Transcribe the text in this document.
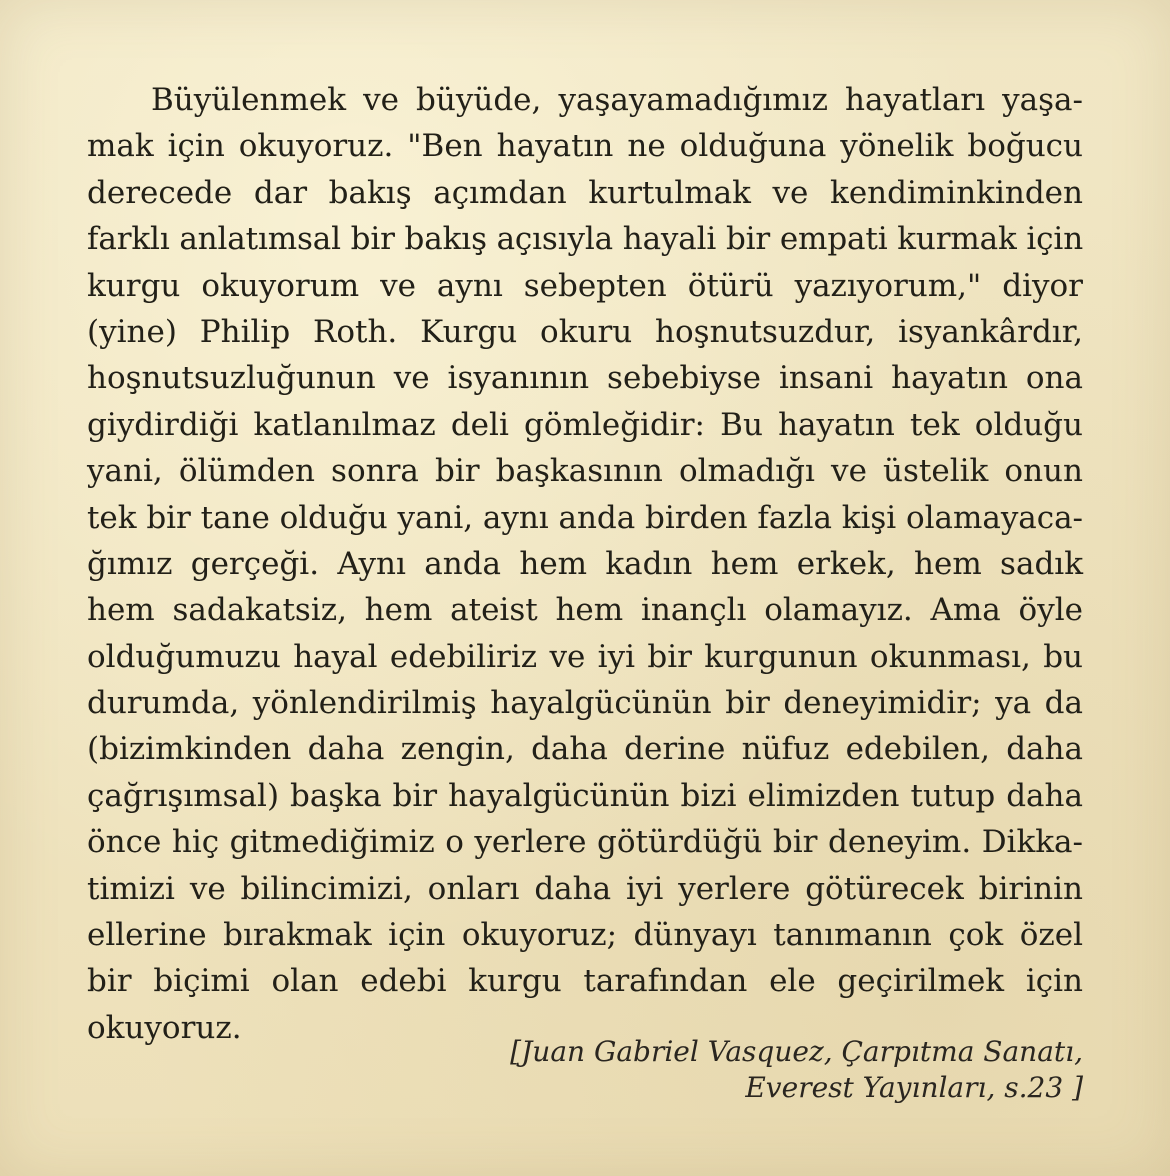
Büyülenmek ve büyüde, yaşayamadığımız hayatları yaşa-
mak için okuyoruz. "Ben hayatın ne olduğuna yönelik boğucu
derecede dar bakış açımdan kurtulmak ve kendiminkinden
farklı anlatımsal bir bakış açısıyla hayali bir empati kurmak için
kurgu okuyorum ve aynı sebepten ötürü yazıyorum," diyor
(yine) Philip Roth. Kurgu okuru hoşnutsuzdur, isyankârdır,
hoşnutsuzluğunun ve isyanının sebebiyse insani hayatın ona
giydirdiği katlanılmaz deli gömleğidir: Bu hayatın tek olduğu
yani, ölümden sonra bir başkasının olmadığı ve üstelik onun
tek bir tane olduğu yani, aynı anda birden fazla kişi olamayaca-
ğımız gerçeği. Aynı anda hem kadın hem erkek, hem sadık
hem sadakatsiz, hem ateist hem inançlı olamayız. Ama öyle
olduğumuzu hayal edebiliriz ve iyi bir kurgunun okunması, bu
durumda, yönlendirilmiş hayalgücünün bir deneyimidir; ya da
(bizimkinden daha zengin, daha derine nüfuz edebilen, daha
çağrışımsal) başka bir hayalgücünün bizi elimizden tutup daha
önce hiç gitmediğimiz o yerlere götürdüğü bir deneyim. Dikka-
timizi ve bilincimizi, onları daha iyi yerlere götürecek birinin
ellerine bırakmak için okuyoruz; dünyayı tanımanın çok özel
bir biçimi olan edebi kurgu tarafından ele geçirilmek için
okuyoruz.
[Juan Gabriel Vasquez, Çarpıtma Sanatı,
Everest Yayınları, s.23 ]
